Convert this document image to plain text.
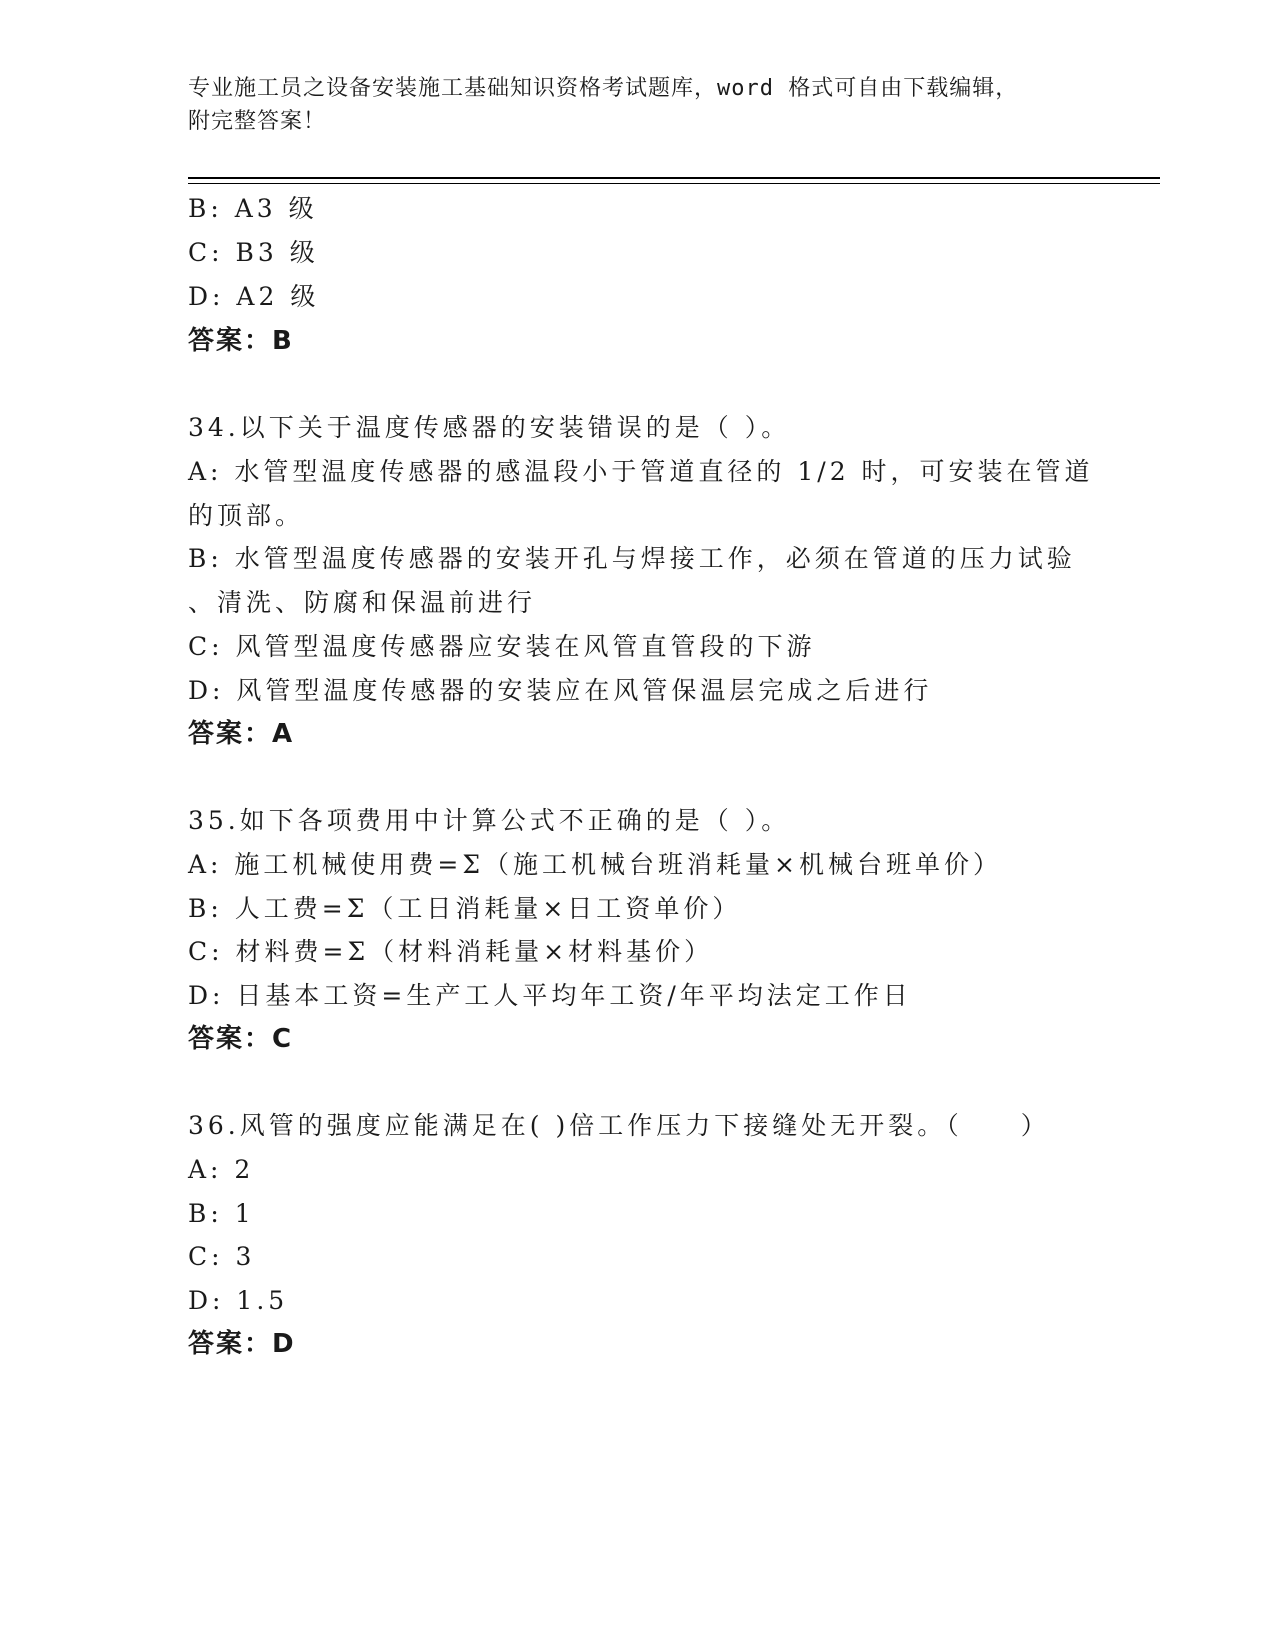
专业施工员之设备安装施工基础知识资格考试题库，word 格式可自由下载编辑，
附完整答案！
B: A3 级
C: B3 级
D: A2 级
答案：B
34.以下关于温度传感器的安装错误的是（ ）。
A: 水管型温度传感器的感温段小于管道直径的 1/2 时，可安装在管道
的顶部。
B: 水管型温度传感器的安装开孔与焊接工作，必须在管道的压力试验
、清洗、防腐和保温前进行
C: 风管型温度传感器应安装在风管直管段的下游
D: 风管型温度传感器的安装应在风管保温层完成之后进行
答案：A
35.如下各项费用中计算公式不正确的是（ ）。
A: 施工机械使用费=Σ（施工机械台班消耗量×机械台班单价）
B: 人工费=Σ（工日消耗量×日工资单价）
C: 材料费=Σ（材料消耗量×材料基价）
D: 日基本工资=生产工人平均年工资/年平均法定工作日
答案：C
36.风管的强度应能满足在( )倍工作压力下接缝处无开裂。（　　）
A: 2
B: 1
C: 3
D: 1.5
答案：D
